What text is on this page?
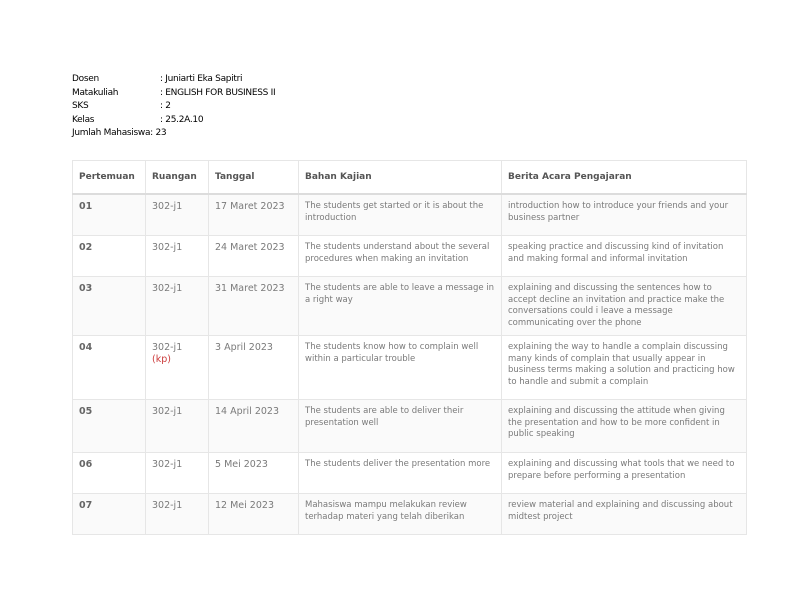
Dosen	: Juniarti Eka Sapitri
Matakuliah	: ENGLISH FOR BUSINESS II
SKS	: 2
Kelas	: 25.2A.10
Jumlah Mahasiswa : 23
Pertemuan	Ruangan	Tanggal	Bahan Kajian	Berita Acara Pengajaran
01	302-j1	17 Maret 2023	The students get started or it is about the introduction	introduction how to introduce your friends and your business partner
02	302-j1	24 Maret 2023	The students understand about the several procedures when making an invitation	speaking practice and discussing kind of invitation and making formal and informal invitation
03	302-j1	31 Maret 2023	The students are able to leave a message in a right way	explaining and discussing the sentences how to accept decline an invitation and practice make the conversations could i leave a message communicating over the phone
04	302-j1 (kp)	3 April 2023	The students know how to complain well within a particular trouble	explaining the way to handle a complain discussing many kinds of complain that usually appear in business terms making a solution and practicing how to handle and submit a complain
05	302-j1	14 April 2023	The students are able to deliver their presentation well	explaining and discussing the attitude when giving the presentation and how to be more confident in public speaking
06	302-j1	5 Mei 2023	The students deliver the presentation more	explaining and discussing what tools that we need to prepare before performing a presentation
07	302-j1	12 Mei 2023	Mahasiswa mampu melakukan review terhadap materi yang telah diberikan	review material and explaining and discussing about midtest project
